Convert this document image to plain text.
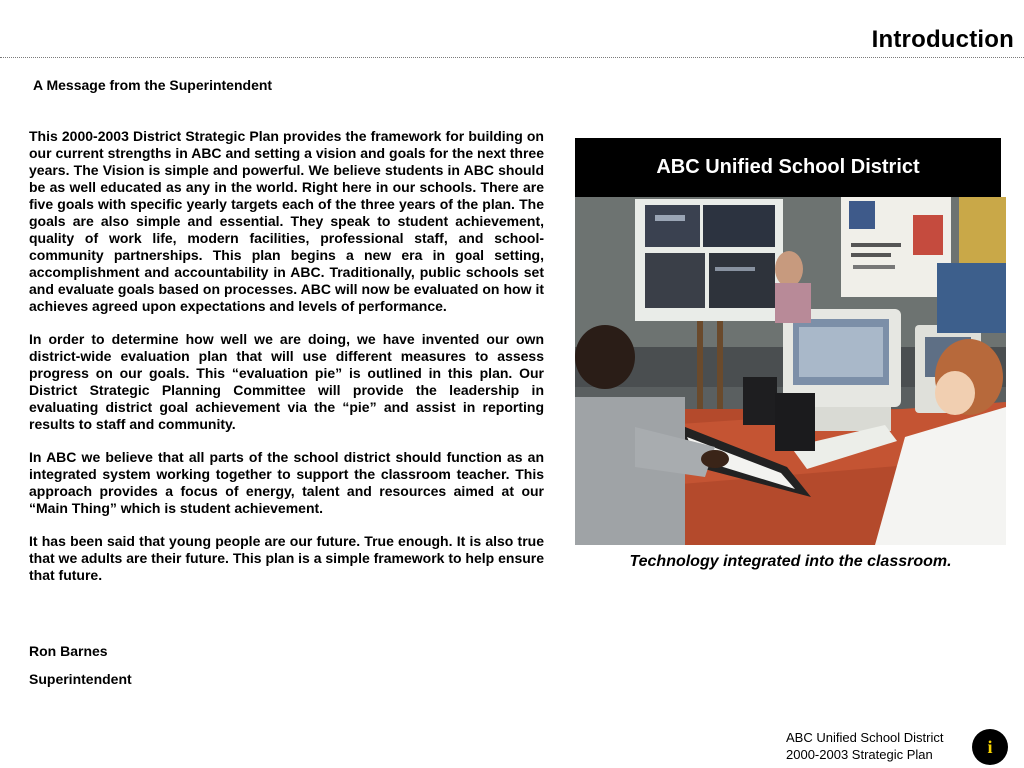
Introduction
A Message from the Superintendent

This 2000-2003 District Strategic Plan provides the framework for building on our current strengths in ABC and setting a vision and goals for the next three years. The Vision is simple and powerful. We believe students in ABC should be as well educated as any in the world. Right here in our schools. There are five goals with specific yearly targets each of the three years of the plan. The goals are also simple and essential. They speak to student achievement, quality of work life, modern facilities, professional staff, and school-community partnerships. This plan begins a new era in goal setting, accomplishment and accountability in ABC. Traditionally, public schools set and evaluate goals based on processes. ABC will now be evaluated on how it achieves agreed upon expectations and levels of performance.

In order to determine how well we are doing, we have invented our own district-wide evaluation plan that will use different measures to assess progress on our goals. This “evaluation pie” is outlined in this plan. Our District Strategic Planning Committee will provide the leadership in evaluating district goal achievement via the “pie” and assist in reporting results to staff and community.

In ABC we believe that all parts of the school district should function as an integrated system working together to support the classroom teacher. This approach provides a focus of energy, talent and resources aimed at our “Main Thing” which is student achievement.

It has been said that young people are our future. True enough. It is also true that we adults are their future. This plan is a simple framework to help ensure that future.

Ron Barnes
Superintendent
ABC Unified School District
Technology integrated into the classroom.
ABC Unified School District
2000-2003 Strategic Plan	i
